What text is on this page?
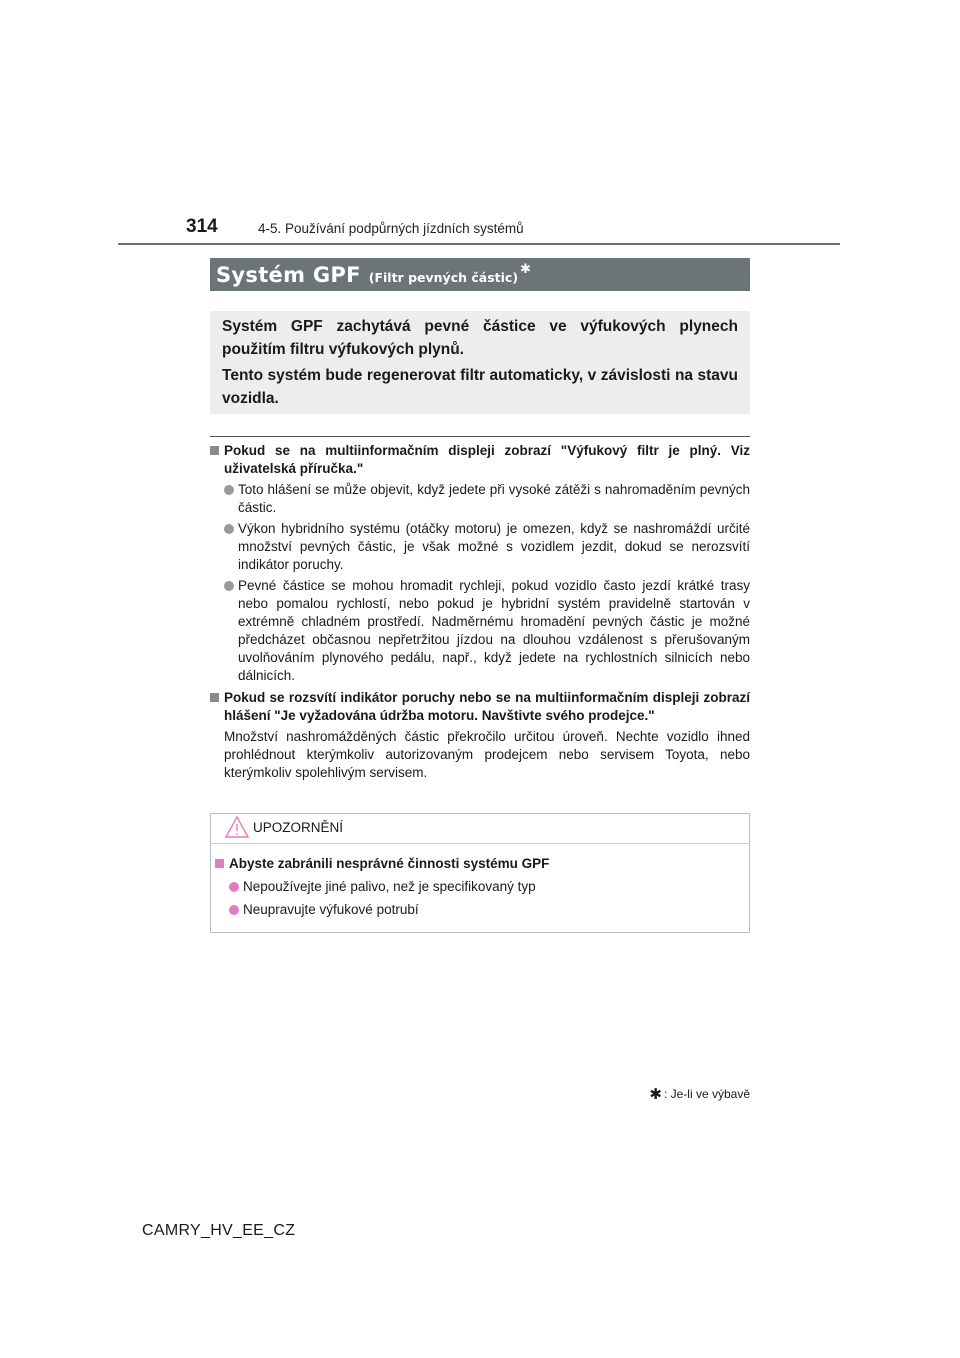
314	4-5. Používání podpůrných jízdních systémů
Systém GPF (Filtr pevných částic)
✱

Systém GPF zachytává pevné částice ve výfukových plynech použitím filtru výfukových plynů.

Tento systém bude regenerovat filtr automaticky, v závislosti na stavu vozidla.

Pokud se na multiinformačním displeji zobrazí "Výfukový filtr je plný. Viz uživatelská příručka."

Toto hlášení se může objevit, když jedete při vysoké zátěži s nahromaděním pevných částic.

Výkon hybridního systému (otáčky motoru) je omezen, když se nashromáždí určité množství pevných částic, je však možné s vozidlem jezdit, dokud se nerozsvítí indikátor poruchy.

Pevné částice se mohou hromadit rychleji, pokud vozidlo často jezdí krátké trasy nebo pomalou rychlostí, nebo pokud je hybridní systém pravidelně startován v extrémně chladném prostředí. Nadměrnému hromadění pevných částic je možné předcházet občasnou nepřetržitou jízdou na dlouhou vzdálenost s přerušovaným uvolňováním plynového pedálu, např., když jedete na rychlostních silnicích nebo dálnicích.

Pokud se rozsvítí indikátor poruchy nebo se na multiinformačním displeji zobrazí hlášení "Je vyžadována údržba motoru. Navštivte svého prodejce."

Množství nashromážděných částic překročilo určitou úroveň. Nechte vozidlo ihned prohlédnout kterýmkoliv autorizovaným prodejcem nebo servisem Toyota, nebo kterýmkoliv spolehlivým servisem.

UPOZORNĚNÍ

Abyste zabránili nesprávné činnosti systému GPF

Nepoužívejte jiné palivo, než je specifikovaný typ

Neupravujte výfukové potrubí

✱ : Je-li ve výbavě
CAMRY_HV_EE_CZ
